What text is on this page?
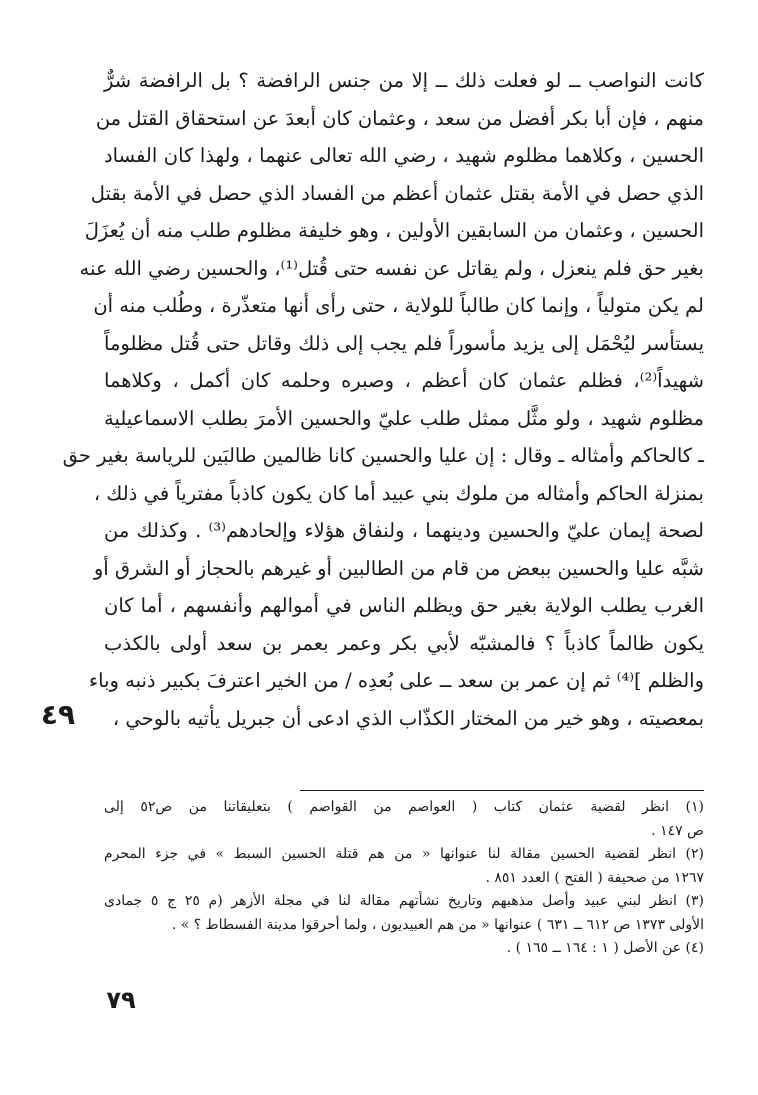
كانت النواصب ــ لو فعلت ذلك ــ إلا من جنس الرافضة ؟ بل الرافضة شرٌّ
منهم ، فإن أبا بكر أفضل من سعد ، وعثمان كان أبعدَ عن استحقاق القتل من
الحسين ، وكلاهما مظلوم شهيد ، رضي الله تعالى عنهما ، ولهذا كان الفساد
الذي حصل في الأمة بقتل عثمان أعظم من الفساد الذي حصل في الأمة بقتل
الحسين ، وعثمان من السابقين الأولين ، وهو خليفة مظلوم طلب منه أن يُعزَلَ
بغير حق فلم ينعزل ، ولم يقاتل عن نفسه حتى قُتل⁽¹⁾، والحسين رضي الله عنه
لم يكن متولياً ، وإنما كان طالباً للولاية ، حتى رأى أنها متعذّرة ، وطُلب منه أن
يستأسر ليُحْمَل إلى يزيد مأسوراً فلم يجب إلى ذلك وقاتل حتى قُتل مظلوماً
شهيداً⁽²⁾، فظلم عثمان كان أعظم ، وصبره وحلمه كان أكمل ، وكلاهما
مظلوم شهيد ، ولو مثَّل ممثل طلب عليّ والحسين الأمرَ بطلب الاسماعيلية
ـ كالحاكم وأمثاله ـ وقال : إن عليا والحسين كانا ظالمين طالبَين للرياسة بغير حق
بمنزلة الحاكم وأمثاله من ملوك بني عبيد أما كان يكون كاذباً مفترياً في ذلك ،
لصحة إيمان عليّ والحسين ودينهما ، ولنفاق هؤلاء وإلحادهم⁽³⁾ . وكذلك من
شبَّه عليا والحسين ببعض من قام من الطالبين أو غيرهم بالحجاز أو الشرق أو
الغرب يطلب الولاية بغير حق ويظلم الناس في أموالهم وأنفسهم ، أما كان
يكون ظالماً كاذباً ؟ فالمشبّه لأبي بكر وعمر بعمر بن سعد أولى بالكذب
والظلم ]⁽⁴⁾ ثم إن عمر بن سعد ــ على بُعدِه / من الخير اعترفَ بكبير ذنبه وباء
بمعصيته ، وهو خير من المختار الكذّاب الذي ادعى أن جبريل يأتيه بالوحي ،
٤٩
(١) انظر لقضية عثمان كتاب ( العواصم من القواصم ) بتعليقاتنا من ص٥٢ إلى
ص ١٤٧ .
(٢) انظر لقضية الحسين مقالة لنا عنوانها « من هم قتلة الحسين السبط » في جزء المحرم
١٢٦٧ من صحيفة ( الفتح ) العدد ٨٥١ .
(٣) انظر لبني عبيد وأصل مذهبهم وتاريخ نشأتهم مقالة لنا في مجلة الأزهر (م ٢٥ ج ٥ جمادى
الأولى ١٣٧٣ ص ٦١٢ ــ ٦٣١ ) عنوانها « من هم العبيديون ، ولما أحرقوا مدينة الفسطاط ؟ » .
(٤) عن الأصل ( ١ : ١٦٤ ــ ١٦٥ ) .
٧٩
